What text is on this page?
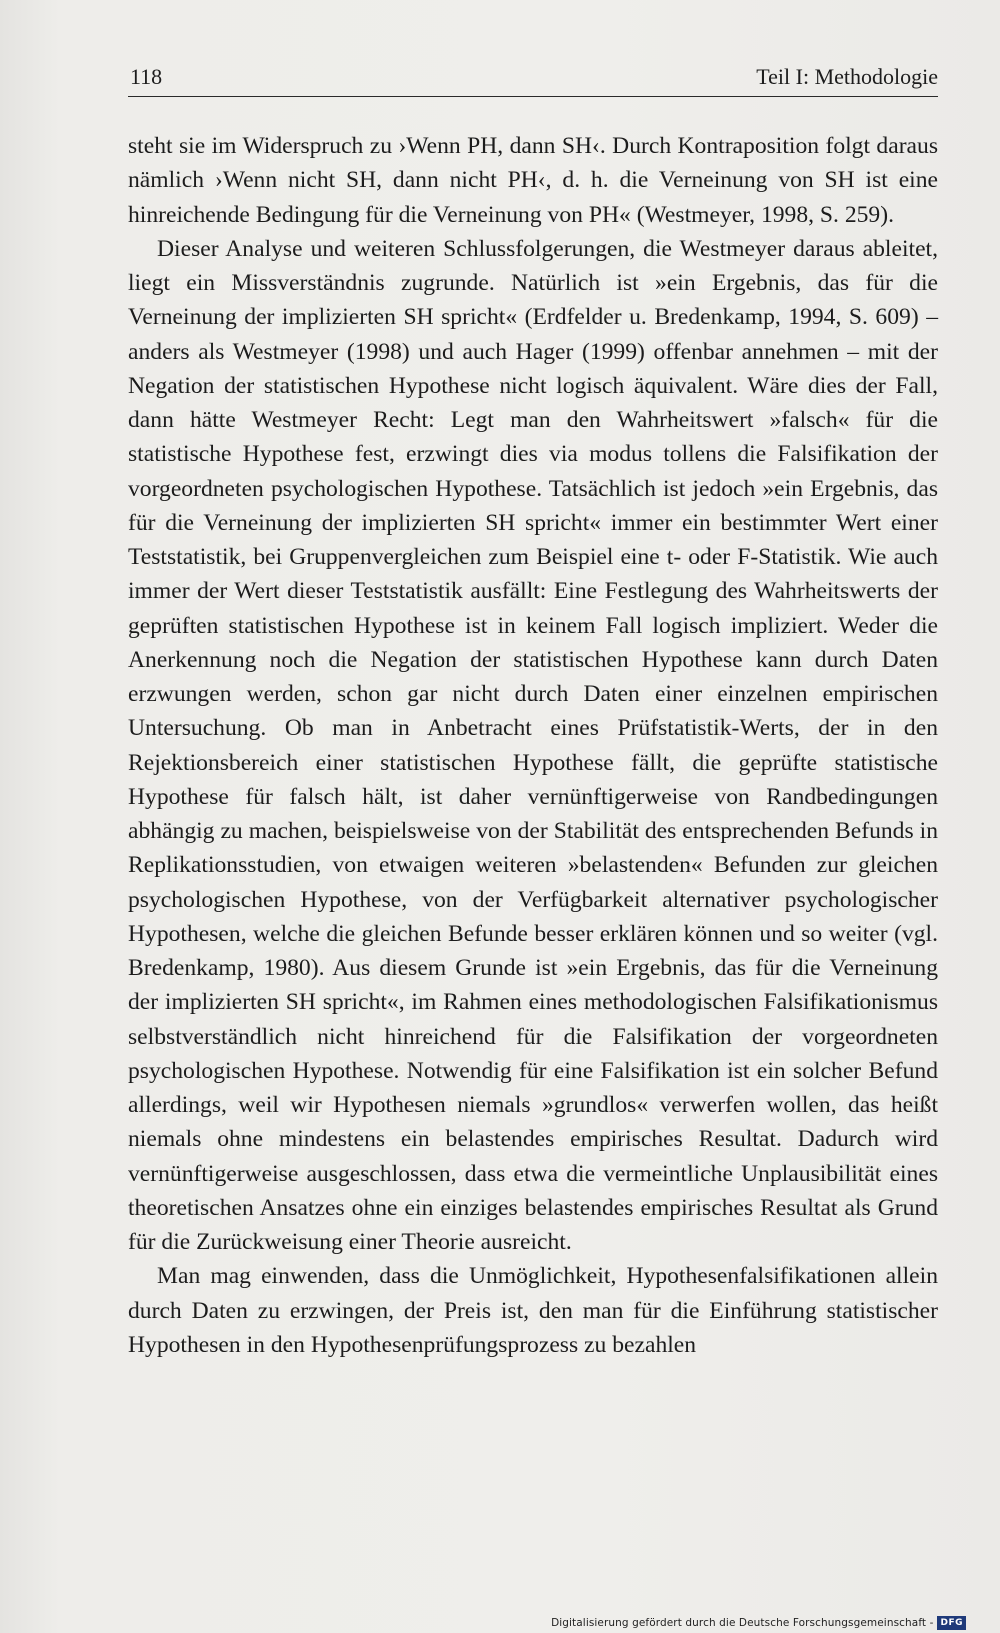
118	Teil I: Methodologie

steht sie im Widerspruch zu ›Wenn PH, dann SH‹. Durch Kontraposition folgt daraus nämlich ›Wenn nicht SH, dann nicht PH‹, d. h. die Verneinung von SH ist eine hinreichende Bedingung für die Verneinung von PH« (Westmeyer, 1998, S. 259).

Dieser Analyse und weiteren Schlussfolgerungen, die Westmeyer daraus ableitet, liegt ein Missverständnis zugrunde. Natürlich ist »ein Ergebnis, das für die Verneinung der implizierten SH spricht« (Erdfelder u. Bredenkamp, 1994, S. 609) – anders als Westmeyer (1998) und auch Hager (1999) offenbar annehmen – mit der Negation der statistischen Hypothese nicht logisch äquivalent. Wäre dies der Fall, dann hätte Westmeyer Recht: Legt man den Wahrheitswert »falsch« für die statistische Hypothese fest, erzwingt dies via modus tollens die Falsifikation der vorgeordneten psychologischen Hypothese. Tatsächlich ist jedoch »ein Ergebnis, das für die Verneinung der implizierten SH spricht« immer ein bestimmter Wert einer Teststatistik, bei Gruppenvergleichen zum Beispiel eine t- oder F-Statistik. Wie auch immer der Wert dieser Teststatistik ausfällt: Eine Festlegung des Wahrheitswerts der geprüften statistischen Hypothese ist in keinem Fall logisch impliziert. Weder die Anerkennung noch die Negation der statistischen Hypothese kann durch Daten erzwungen werden, schon gar nicht durch Daten einer einzelnen empirischen Untersuchung. Ob man in Anbetracht eines Prüfstatistik-Werts, der in den Rejektionsbereich einer statistischen Hypothese fällt, die geprüfte statistische Hypothese für falsch hält, ist daher vernünftigerweise von Randbedingungen abhängig zu machen, beispielsweise von der Stabilität des entsprechenden Befunds in Replikationsstudien, von etwaigen weiteren »belastenden« Befunden zur gleichen psychologischen Hypothese, von der Verfügbarkeit alternativer psychologischer Hypothesen, welche die gleichen Befunde besser erklären können und so weiter (vgl. Bredenkamp, 1980). Aus diesem Grunde ist »ein Ergebnis, das für die Verneinung der implizierten SH spricht«, im Rahmen eines methodologischen Falsifikationismus selbstverständlich nicht hinreichend für die Falsifikation der vorgeordneten psychologischen Hypothese. Notwendig für eine Falsifikation ist ein solcher Befund allerdings, weil wir Hypothesen niemals »grundlos« verwerfen wollen, das heißt niemals ohne mindestens ein belastendes empirisches Resultat. Dadurch wird vernünftigerweise ausgeschlossen, dass etwa die vermeintliche Unplausibilität eines theoretischen Ansatzes ohne ein einziges belastendes empirisches Resultat als Grund für die Zurückweisung einer Theorie ausreicht.

Man mag einwenden, dass die Unmöglichkeit, Hypothesenfalsifikationen allein durch Daten zu erzwingen, der Preis ist, den man für die Einführung statistischer Hypothesen in den Hypothesenprüfungsprozess zu bezahlen

Digitalisierung gefördert durch die Deutsche Forschungsgemeinschaft - DFG
